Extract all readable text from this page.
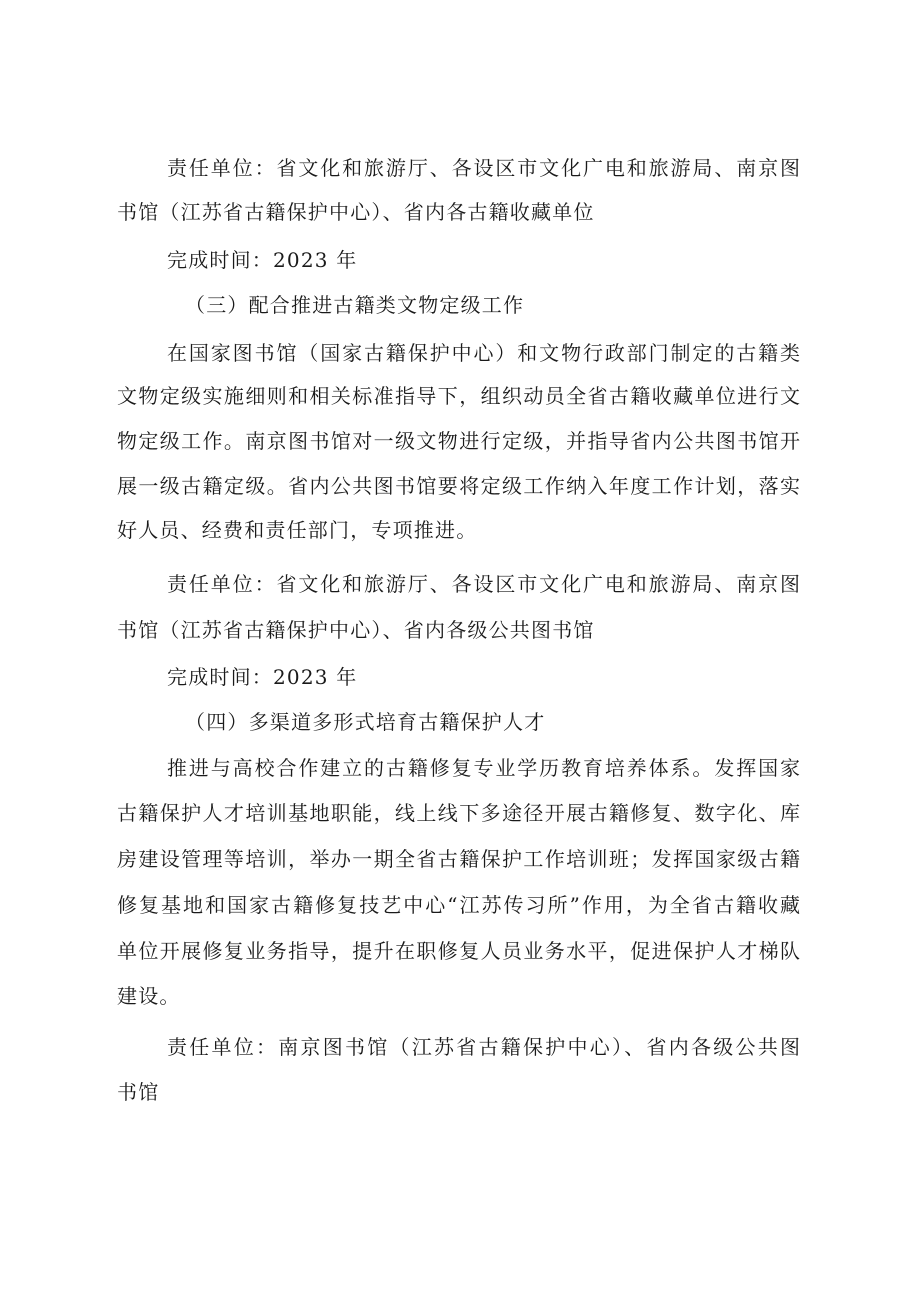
责任单位：省文化和旅游厅、各设区市文化广电和旅游局、南京图
书馆（江苏省古籍保护中心）、省内各古籍收藏单位
完成时间：2023 年
（三）配合推进古籍类文物定级工作
在国家图书馆（国家古籍保护中心）和文物行政部门制定的古籍类
文物定级实施细则和相关标准指导下，组织动员全省古籍收藏单位进行文
物定级工作。南京图书馆对一级文物进行定级，并指导省内公共图书馆开
展一级古籍定级。省内公共图书馆要将定级工作纳入年度工作计划，落实
好人员、经费和责任部门，专项推进。
责任单位：省文化和旅游厅、各设区市文化广电和旅游局、南京图
书馆（江苏省古籍保护中心）、省内各级公共图书馆
完成时间：2023 年
（四）多渠道多形式培育古籍保护人才
推进与高校合作建立的古籍修复专业学历教育培养体系。发挥国家
古籍保护人才培训基地职能，线上线下多途径开展古籍修复、数字化、库
房建设管理等培训，举办一期全省古籍保护工作培训班；发挥国家级古籍
修复基地和国家古籍修复技艺中心“江苏传习所”作用，为全省古籍收藏
单位开展修复业务指导，提升在职修复人员业务水平，促进保护人才梯队
建设。
责任单位：南京图书馆（江苏省古籍保护中心）、省内各级公共图
书馆
